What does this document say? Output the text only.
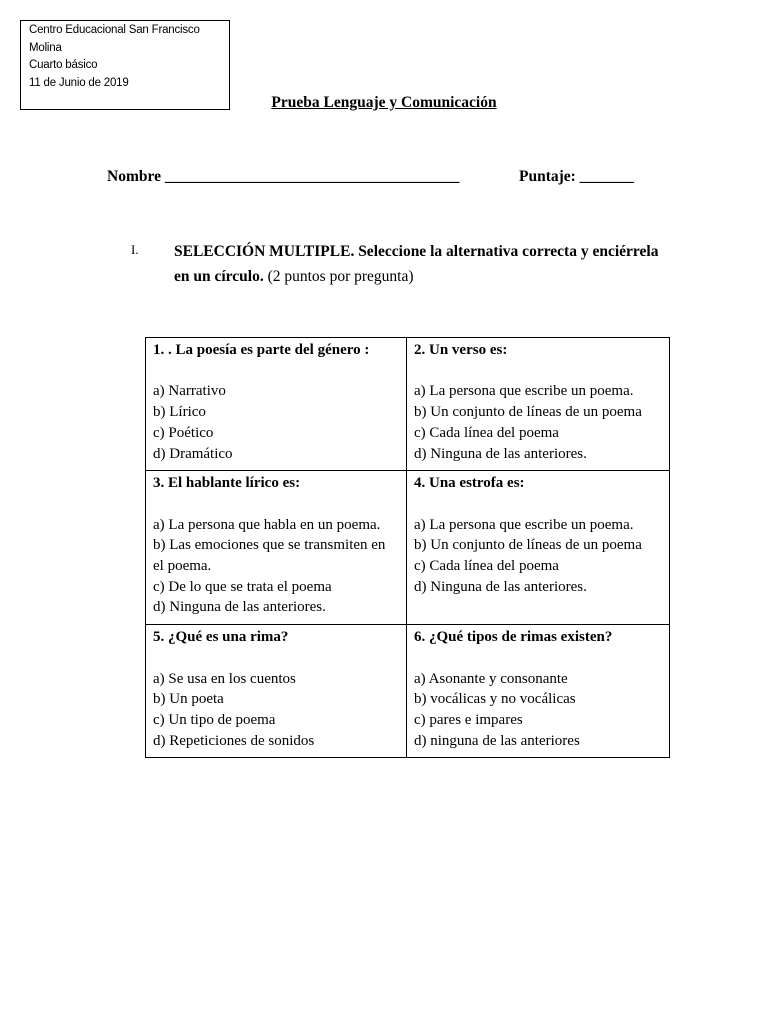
Centro Educacional San Francisco
Molina
Cuarto básico
11 de Junio de 2019
Prueba Lenguaje y Comunicación
Nombre ______________________________________	Puntaje: _______
I. SELECCIÓN MULTIPLE. Seleccione la alternativa correcta y enciérrela en un círculo. (2 puntos por pregunta)
1. . La poesía es parte del género :
a) Narrativo
b) Lírico
c) Poético
d) Dramático	2. Un verso es:
a) La persona que escribe un poema.
b) Un conjunto de líneas de un poema
c) Cada línea del poema
d) Ninguna de las anteriores.

3. El hablante lírico es:
a) La persona que habla en un poema.
b) Las emociones que se transmiten en el poema.
c) De lo que se trata el poema
d) Ninguna de las anteriores.	4. Una estrofa es:
a) La persona que escribe un poema.
b) Un conjunto de líneas de un poema
c) Cada línea del poema
d) Ninguna de las anteriores.

5. ¿Qué es una rima?
a) Se usa en los cuentos
b) Un poeta
c) Un tipo de poema
d) Repeticiones de sonidos	6. ¿Qué tipos de rimas existen?
a) Asonante y consonante
b) vocálicas y no vocálicas
c) pares e impares
d) ninguna de las anteriores
